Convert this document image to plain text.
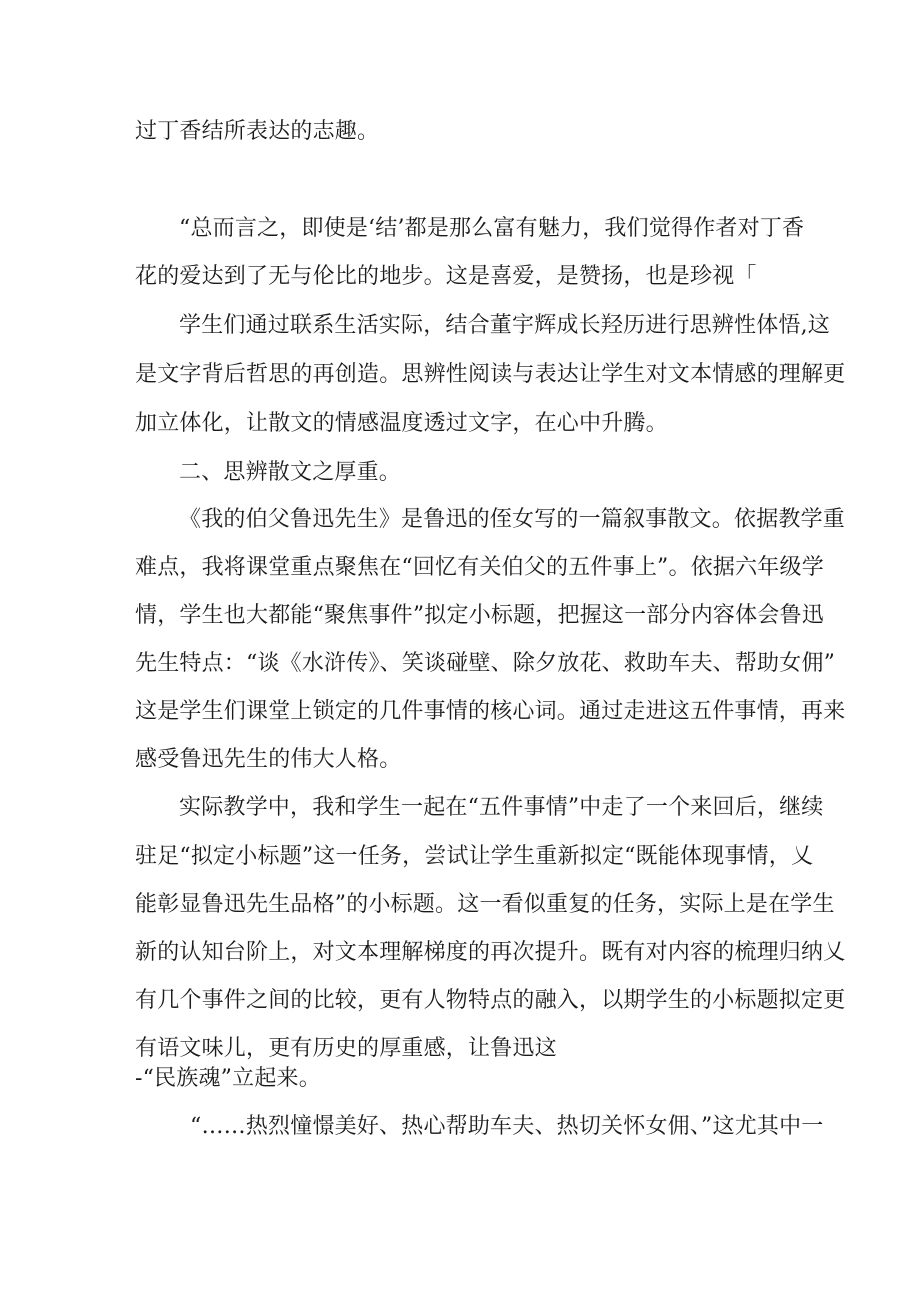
过丁香结所表达的志趣。

“总而言之，即使是‘结’都是那么富有魅力，我们觉得作者对丁香

花的爱达到了无与伦比的地步。这是喜爱，是赞扬，也是珍视「

学生们通过联系生活实际，结合董宇辉成长羟历进行思辨性体悟,这

是文字背后哲思的再创造。思辨性阅读与表达让学生对文本情感的理解更

加立体化，让散文的情感温度透过文字，在心中升腾。

二、思辨散文之厚重。

《我的伯父鲁迅先生》是鲁迅的侄女写的一篇叙事散文。依据教学重

难点，我将课堂重点聚焦在“回忆有关伯父的五件事上”。依据六年级学

情，学生也大都能“聚焦事件”拟定小标题，把握这一部分内容体会鲁迅

先生特点：“谈《水浒传》、笑谈碰壁、除夕放花、救助车夫、帮助女佣”

这是学生们课堂上锁定的几件事情的核心词。通过走进这五件事情，再来

感受鲁迅先生的伟大人格。

实际教学中，我和学生一起在“五件事情”中走了一个来回后，继续

驻足“拟定小标题”这一任务，尝试让学生重新拟定“既能体现事情，乂

能彰显鲁迅先生品格”的小标题。这一看似重复的任务，实际上是在学生

新的认知台阶上，对文本理解梯度的再次提升。既有对内容的梳理归纳乂

有几个事件之间的比较，更有人物特点的融入，以期学生的小标题拟定更

有语文味儿，更有历史的厚重感，让鲁迅这

-“民族魂”立起来。

“……热烈憧憬美好、热心帮助车夫、热切关怀女佣、”这尤其中一
